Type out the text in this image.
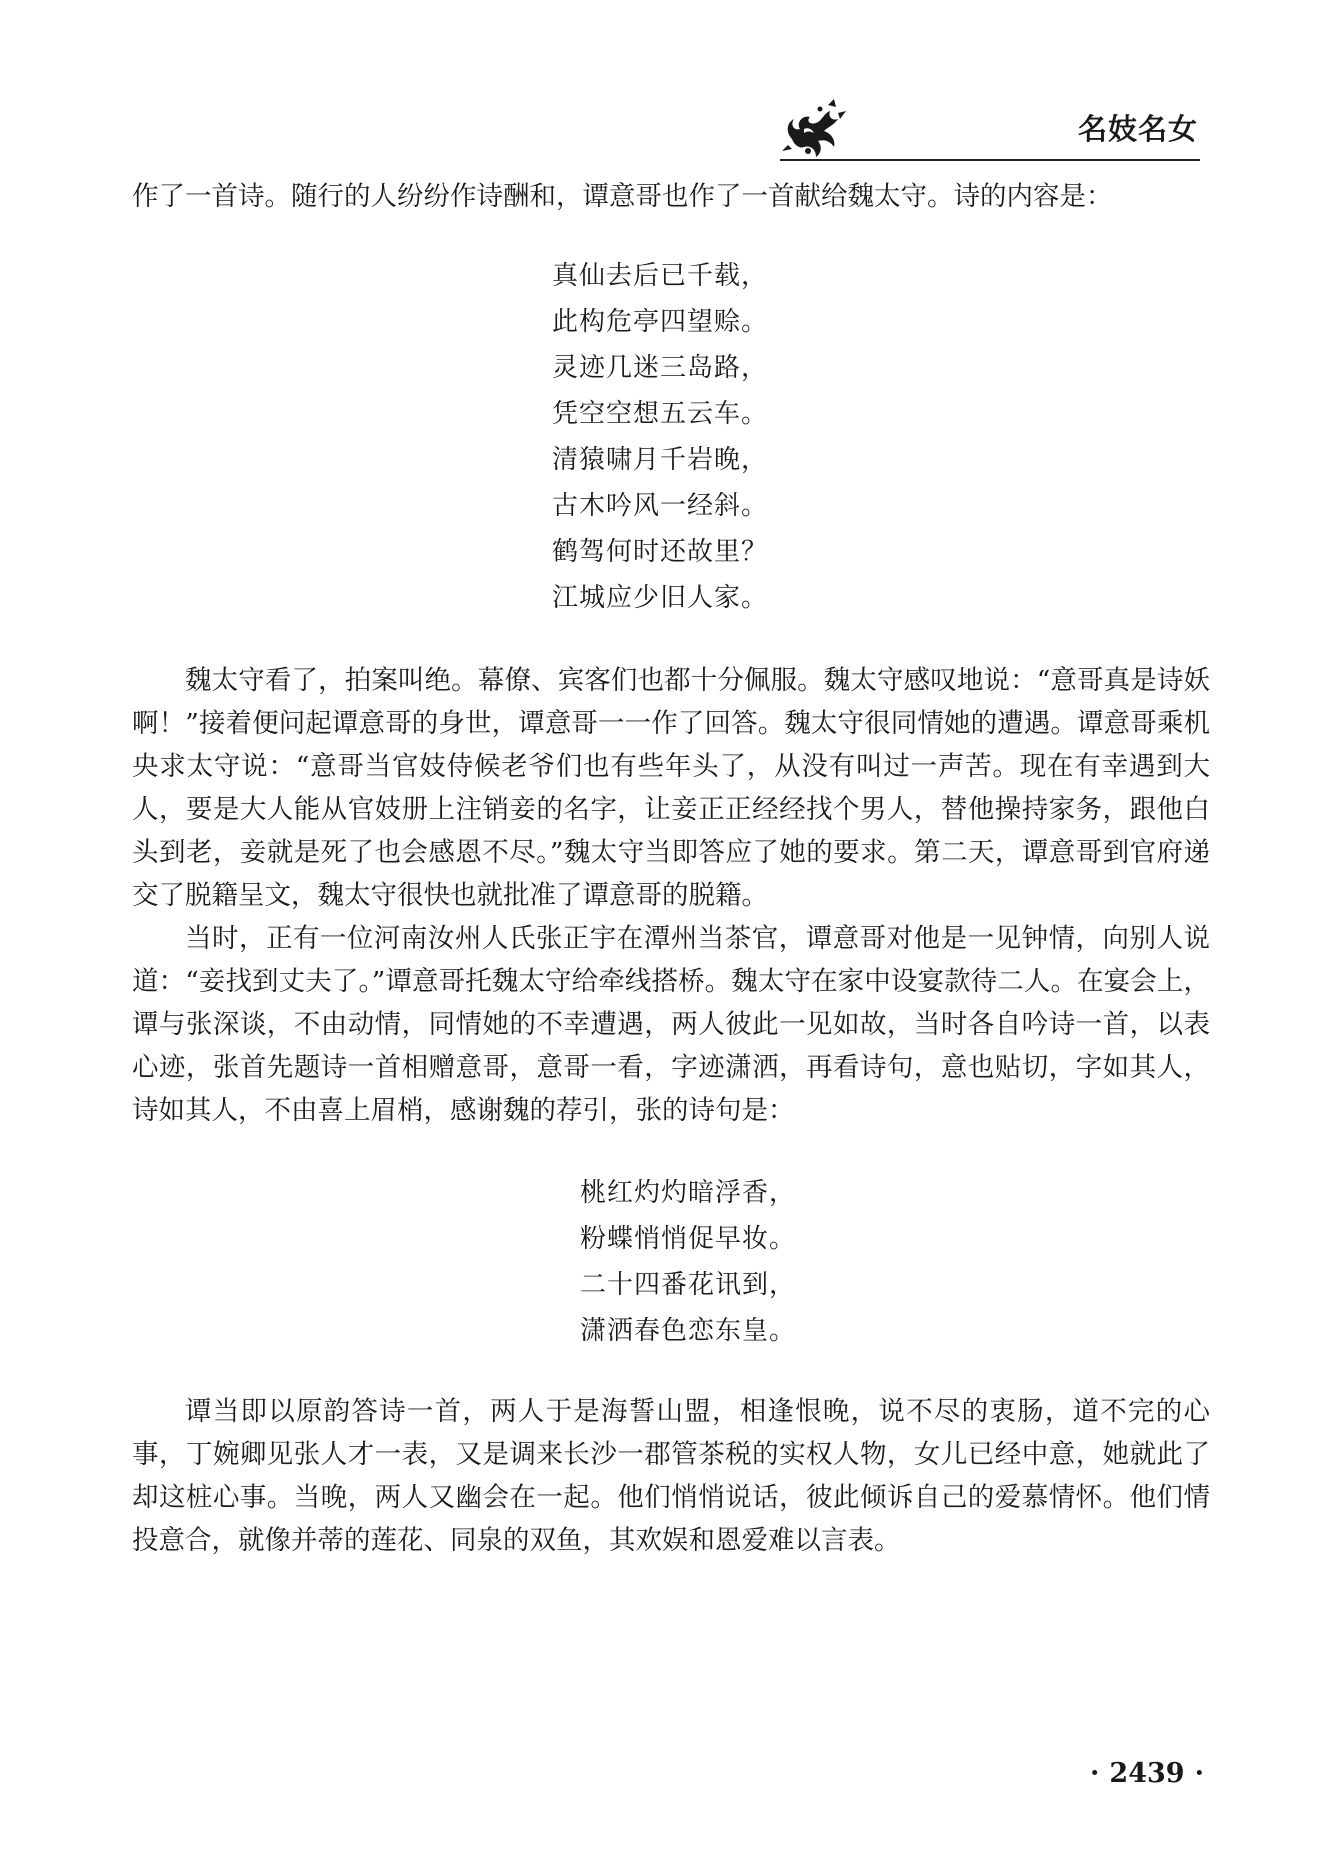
名妓名女

作了一首诗。随行的人纷纷作诗酬和，谭意哥也作了一首献给魏太守。诗的内容是：

真仙去后已千载，
此构危亭四望赊。
灵迹几迷三岛路，
凭空空想五云车。
清猿啸月千岩晚，
古木吟风一经斜。
鹤驾何时还故里？
江城应少旧人家。

魏太守看了，拍案叫绝。幕僚、宾客们也都十分佩服。魏太守感叹地说：“意哥真是诗妖啊！”接着便问起谭意哥的身世，谭意哥一一作了回答。魏太守很同情她的遭遇。谭意哥乘机央求太守说：“意哥当官妓侍候老爷们也有些年头了，从没有叫过一声苦。现在有幸遇到大人，要是大人能从官妓册上注销妾的名字，让妾正正经经找个男人，替他操持家务，跟他白头到老，妾就是死了也会感恩不尽。”魏太守当即答应了她的要求。第二天，谭意哥到官府递交了脱籍呈文，魏太守很快也就批准了谭意哥的脱籍。

当时，正有一位河南汝州人氏张正宇在潭州当茶官，谭意哥对他是一见钟情，向别人说道：“妾找到丈夫了。”谭意哥托魏太守给牵线搭桥。魏太守在家中设宴款待二人。在宴会上，谭与张深谈，不由动情，同情她的不幸遭遇，两人彼此一见如故，当时各自吟诗一首，以表心迹，张首先题诗一首相赠意哥，意哥一看，字迹潇洒，再看诗句，意也贴切，字如其人，诗如其人，不由喜上眉梢，感谢魏的荐引，张的诗句是：

桃红灼灼暗浮香，
粉蝶悄悄促早妆。
二十四番花讯到，
潇洒春色恋东皇。

谭当即以原韵答诗一首，两人于是海誓山盟，相逢恨晚，说不尽的衷肠，道不完的心事，丁婉卿见张人才一表，又是调来长沙一郡管茶税的实权人物，女儿已经中意，她就此了却这桩心事。当晚，两人又幽会在一起。他们悄悄说话，彼此倾诉自己的爱慕情怀。他们情投意合，就像并蒂的莲花、同泉的双鱼，其欢娱和恩爱难以言表。

· 2439 ·
